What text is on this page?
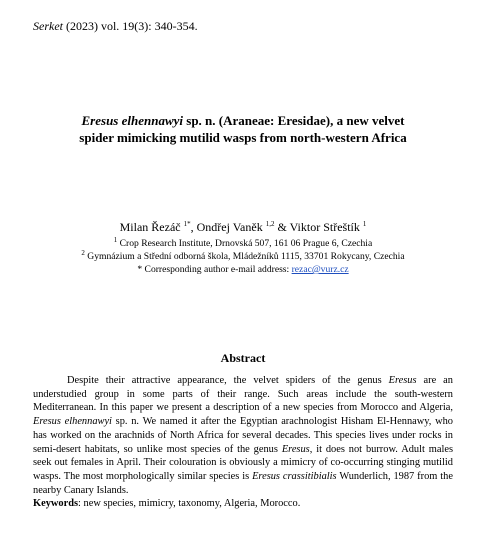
Serket (2023) vol. 19(3): 340-354.
Eresus elhennawyi sp. n. (Araneae: Eresidae), a new velvet
spider mimicking mutilid wasps from north-western Africa
Milan Řezáč $^{1*}$, Ondřej Vaněk $^{1,2}$ & Viktor Střeštík $^1$
$^1$ Crop Research Institute, Drnovská 507, 161 06 Prague 6, Czechia
$^2$ Gymnázium a Střední odborná škola, Mládežníků 1115, 33701 Rokycany, Czechia
* Corresponding author e-mail address: rezac@vurz.cz
Abstract

Despite their attractive appearance, the velvet spiders of the genus Eresus are an understudied group in some parts of their range. Such areas include the south-western Mediterranean. In this paper we present a description of a new species from Morocco and Algeria, Eresus elhennawyi sp. n. We named it after the Egyptian arachnologist Hisham El-Hennawy, who has worked on the arachnids of North Africa for several decades. This species lives under rocks in semi-desert habitats, so unlike most species of the genus Eresus, it does not burrow. Adult males seek out females in April. Their colouration is obviously a mimicry of co-occurring stinging mutilid wasps. The most morphologically similar species is Eresus crassitibialis Wunderlich, 1987 from the nearby Canary Islands.

Keywords: new species, mimicry, taxonomy, Algeria, Morocco.
